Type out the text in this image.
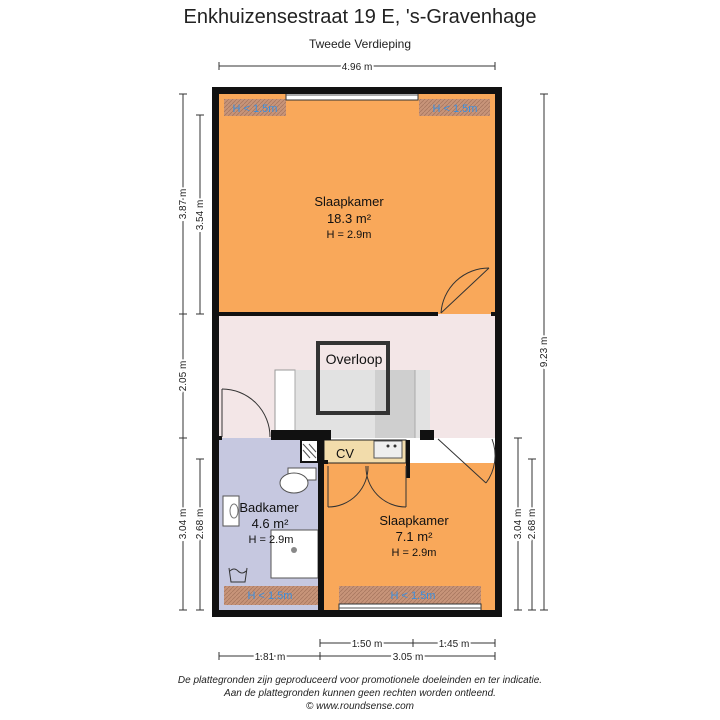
Enkhuizensestraat 19 E, 's-Gravenhage
Tweede Verdieping
Slaapkamer
18.3 m²
H = 2.9m
Overloop
CV
Badkamer
4.6 m²
H = 2.9m
Slaapkamer
7.1 m²
H = 2.9m
H < 1.5m	H < 1.5m
H < 1.5m	H < 1.5m
4.96 m
3.87 m 3.54 m
2.05 m
3.04 m 2.68 m
9.23 m
3.04 m 2.68 m
1.50 m	1.45 m
1.81 m	3.05 m
De plattegronden zijn geproduceerd voor promotionele doeleinden en ter indicatie.
Aan de plattegronden kunnen geen rechten worden ontleend.
© www.roundsense.com
